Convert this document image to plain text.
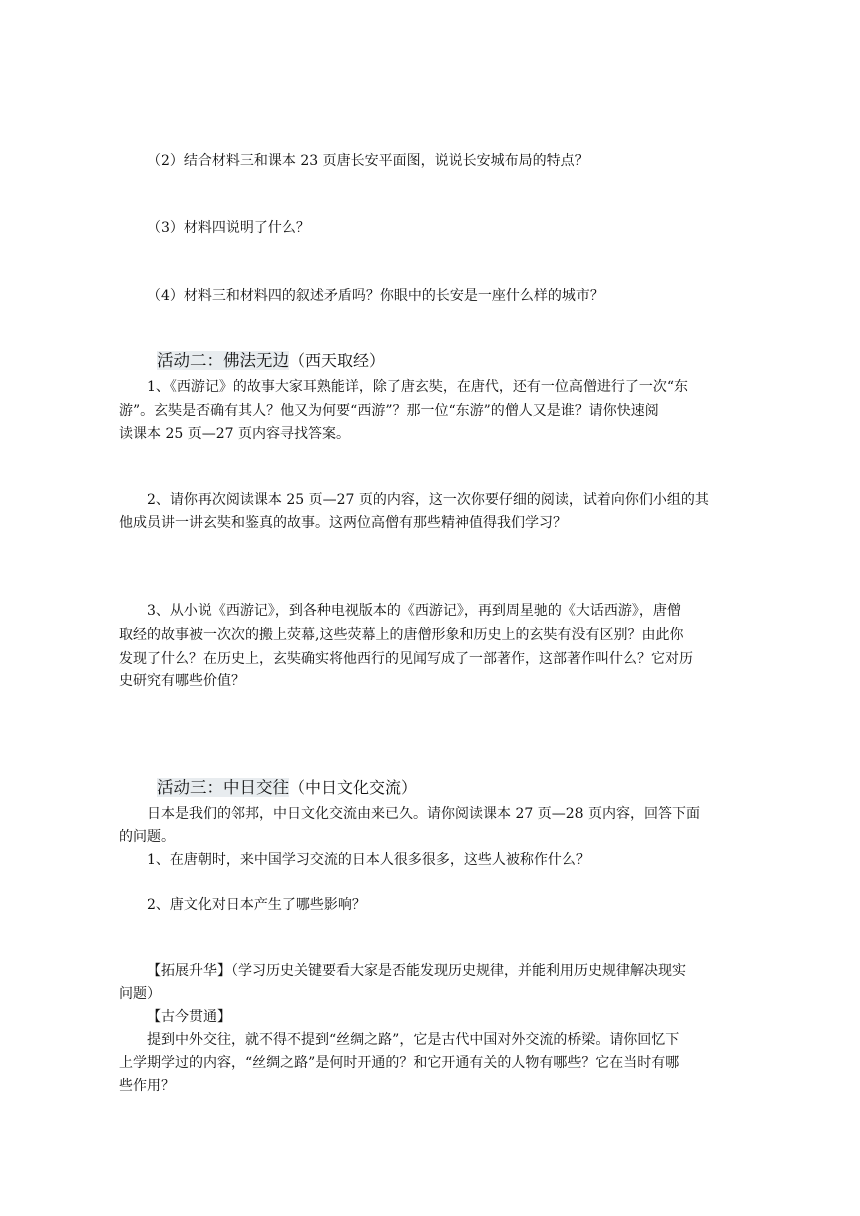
（2）结合材料三和课本 23 页唐长安平面图，说说长安城布局的特点？

（3）材料四说明了什么？

（4）材料三和材料四的叙述矛盾吗？你眼中的长安是一座什么样的城市？

活动二：佛法无边（西天取经）

1、《西游记》的故事大家耳熟能详，除了唐玄奘，在唐代，还有一位高僧进行了一次“东

游”。玄奘是否确有其人？他又为何要“西游”？那一位“东游”的僧人又是谁？请你快速阅

读课本 25 页—27 页内容寻找答案。

2、请你再次阅读课本 25 页—27 页的内容，这一次你要仔细的阅读，试着向你们小组的其

他成员讲一讲玄奘和鉴真的故事。这两位高僧有那些精神值得我们学习？

3、从小说《西游记》，到各种电视版本的《西游记》，再到周星驰的《大话西游》，唐僧

取经的故事被一次次的搬上荧幕,这些荧幕上的唐僧形象和历史上的玄奘有没有区别？由此你

发现了什么？在历史上，玄奘确实将他西行的见闻写成了一部著作，这部著作叫什么？它对历

史研究有哪些价值？

活动三：中日交往（中日文化交流）

日本是我们的邻邦，中日文化交流由来已久。请你阅读课本 27 页—28 页内容，回答下面

的问题。

1、在唐朝时，来中国学习交流的日本人很多很多，这些人被称作什么？

2、唐文化对日本产生了哪些影响？

【拓展升华】（学习历史关键要看大家是否能发现历史规律，并能利用历史规律解决现实

问题）

【古今贯通】

提到中外交往，就不得不提到“丝绸之路”，它是古代中国对外交流的桥梁。请你回忆下

上学期学过的内容，“丝绸之路”是何时开通的？和它开通有关的人物有哪些？它在当时有哪

些作用？
